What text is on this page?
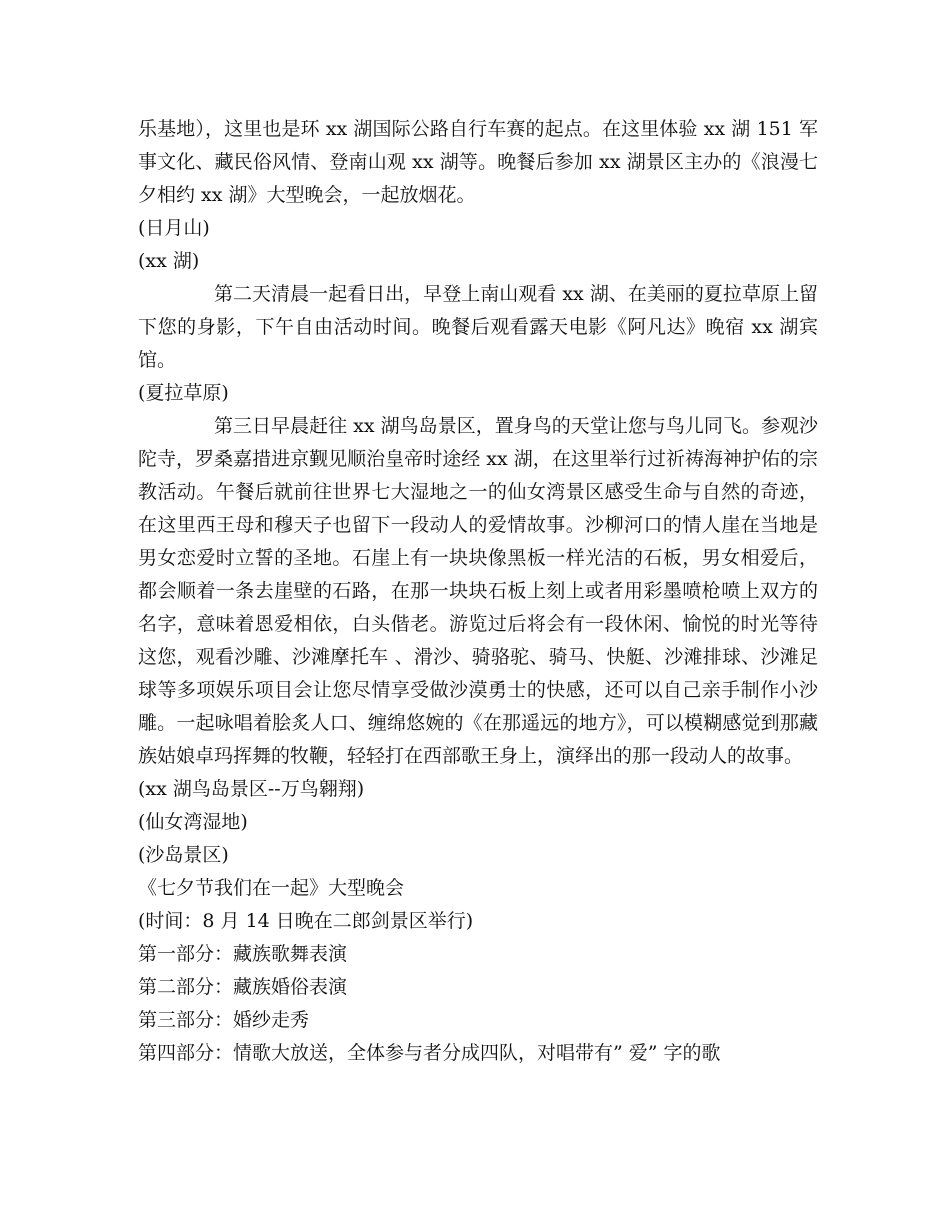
乐基地），这里也是环 xx 湖国际公路自行车赛的起点。在这里体验 xx 湖 151 军事文化、藏民俗风情、登南山观 xx 湖等。晚餐后参加 xx 湖景区主办的《浪漫七夕相约 xx 湖》大型晚会，一起放烟花。

(日月山)

(xx 湖)

第二天清晨一起看日出，早登上南山观看 xx 湖、在美丽的夏拉草原上留下您的身影，下午自由活动时间。晚餐后观看露天电影《阿凡达》晚宿 xx 湖宾馆。

(夏拉草原)

第三日早晨赶往 xx 湖鸟岛景区，置身鸟的天堂让您与鸟儿同飞。参观沙陀寺，罗桑嘉措进京觐见顺治皇帝时途经 xx 湖，在这里举行过祈祷海神护佑的宗教活动。午餐后就前往世界七大湿地之一的仙女湾景区感受生命与自然的奇迹，在这里西王母和穆天子也留下一段动人的爱情故事。沙柳河口的情人崖在当地是男女恋爱时立誓的圣地。石崖上有一块块像黑板一样光洁的石板，男女相爱后，都会顺着一条去崖壁的石路，在那一块块石板上刻上或者用彩墨喷枪喷上双方的名字，意味着恩爱相依，白头偕老。游览过后将会有一段休闲、愉悦的时光等待这您，观看沙雕、沙滩摩托车 、滑沙、骑骆驼、骑马、快艇、沙滩排球、沙滩足球等多项娱乐项目会让您尽情享受做沙漠勇士的快感，还可以自己亲手制作小沙雕。一起咏唱着脍炙人口、缠绵悠婉的《在那遥远的地方》，可以模糊感觉到那藏族姑娘卓玛挥舞的牧鞭，轻轻打在西部歌王身上，演绎出的那一段动人的故事。

(xx 湖鸟岛景区--万鸟翱翔)

(仙女湾湿地)

(沙岛景区)

《七夕节我们在一起》大型晚会

(时间：8 月 14 日晚在二郎剑景区举行)

第一部分：藏族歌舞表演

第二部分：藏族婚俗表演

第三部分：婚纱走秀

第四部分：情歌大放送，全体参与者分成四队，对唱带有” 爱” 字的歌
